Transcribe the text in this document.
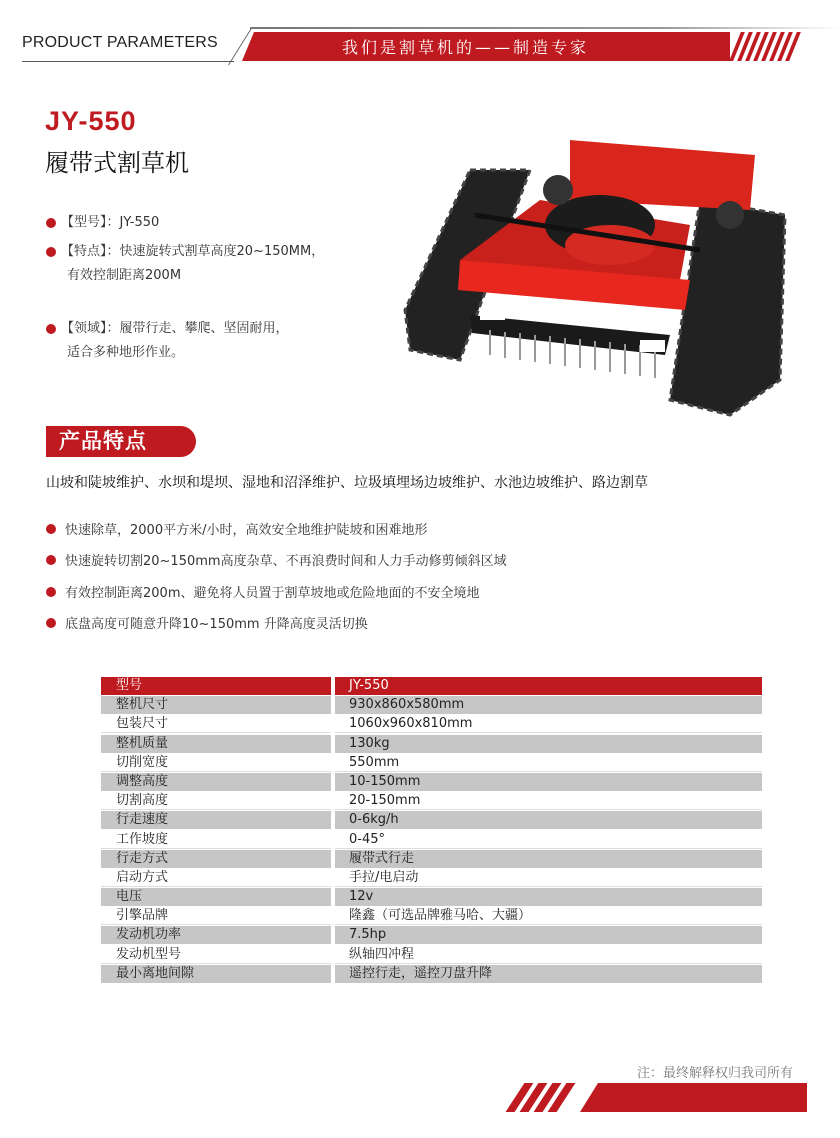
PRODUCT PARAMETERS	我们是割草机的——制造专家
JY-550
履带式割草机
【型号】：JY-550
【特点】：快速旋转式割草高度20~150MM，
有效控制距离200M
【领域】：履带行走、攀爬、坚固耐用，
适合多种地形作业。
产品特点
山坡和陡坡维护、水坝和堤坝、湿地和沼泽维护、垃圾填埋场边坡维护、水池边坡维护、路边割草
快速除草，2000平方米/小时，高效安全地维护陡坡和困难地形
快速旋转切割20~150mm高度杂草、不再浪费时间和人力手动修剪倾斜区域
有效控制距离200m、避免将人员置于割草坡地或危险地面的不安全境地
底盘高度可随意升降10~150mm 升降高度灵活切换
型号	JY-550
整机尺寸	930x860x580mm
包装尺寸	1060x960x810mm
整机质量	130kg
切削宽度	550mm
调整高度	10-150mm
切割高度	20-150mm
行走速度	0-6kg/h
工作坡度	0-45°
行走方式	履带式行走
启动方式	手拉/电启动
电压	12v
引擎品牌	隆鑫（可选品牌雅马哈、大疆）
发动机功率	7.5hp
发动机型号	纵轴四冲程
最小离地间隙	遥控行走，遥控刀盘升降
注：最终解释权归我司所有
